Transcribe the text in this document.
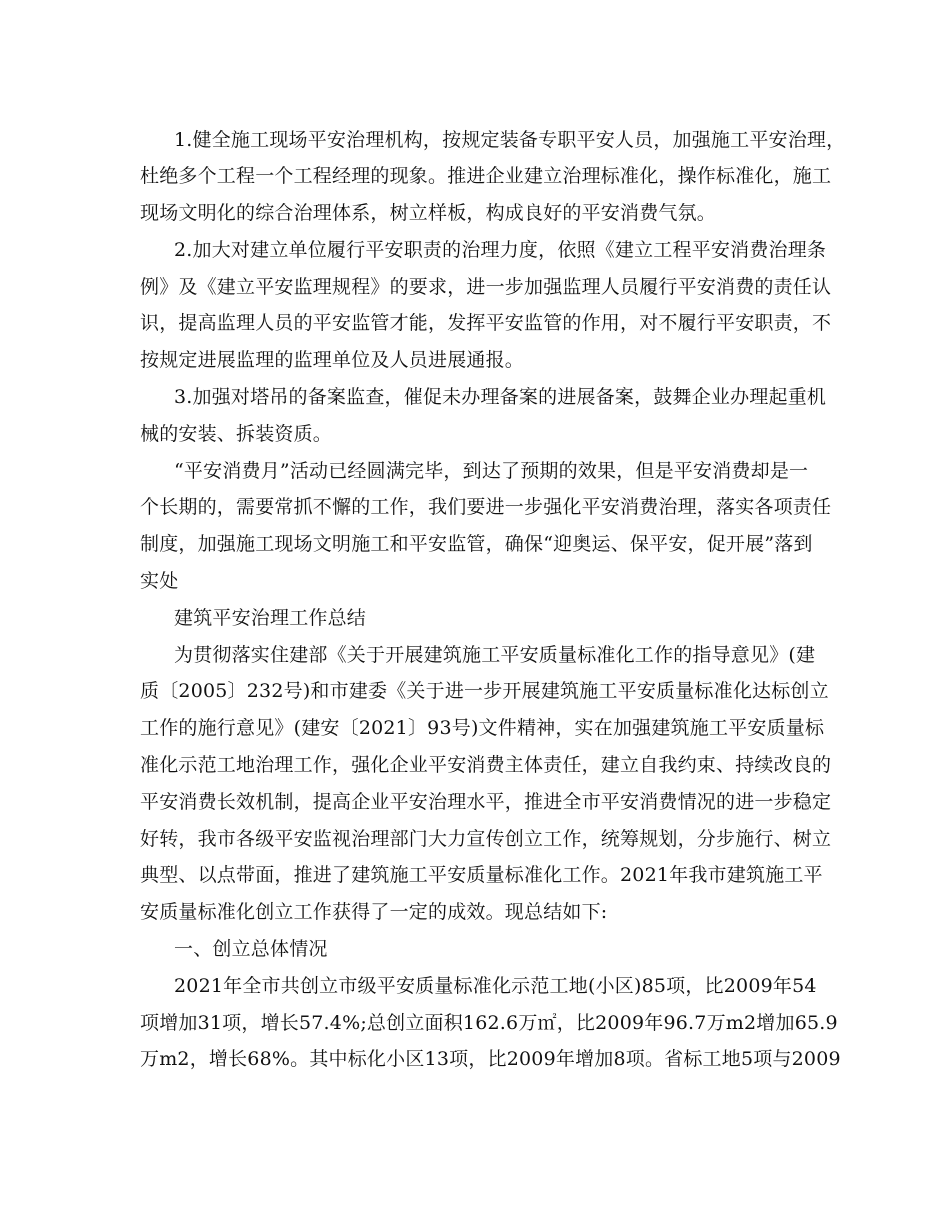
1.健全施工现场平安治理机构，按规定装备专职平安人员，加强施工平安治理，
杜绝多个工程一个工程经理的现象。推进企业建立治理标准化，操作标准化，施工
现场文明化的综合治理体系，树立样板，构成良好的平安消费气氛。
2.加大对建立单位履行平安职责的治理力度，依照《建立工程平安消费治理条
例》及《建立平安监理规程》的要求，进一步加强监理人员履行平安消费的责任认
识，提高监理人员的平安监管才能，发挥平安监管的作用，对不履行平安职责，不
按规定进展监理的监理单位及人员进展通报。
3.加强对塔吊的备案监查，催促未办理备案的进展备案，鼓舞企业办理起重机
械的安装、拆装资质。
“平安消费月”活动已经圆满完毕，到达了预期的效果，但是平安消费却是一
个长期的，需要常抓不懈的工作，我们要进一步强化平安消费治理，落实各项责任
制度，加强施工现场文明施工和平安监管，确保“迎奥运、保平安，促开展”落到
实处
建筑平安治理工作总结
为贯彻落实住建部《关于开展建筑施工平安质量标准化工作的指导意见》(建
质〔2005〕232号)和市建委《关于进一步开展建筑施工平安质量标准化达标创立
工作的施行意见》(建安〔2021〕93号)文件精神，实在加强建筑施工平安质量标
准化示范工地治理工作，强化企业平安消费主体责任，建立自我约束、持续改良的
平安消费长效机制，提高企业平安治理水平，推进全市平安消费情况的进一步稳定
好转，我市各级平安监视治理部门大力宣传创立工作，统筹规划，分步施行、树立
典型、以点带面，推进了建筑施工平安质量标准化工作。2021年我市建筑施工平
安质量标准化创立工作获得了一定的成效。现总结如下:
一、创立总体情况
2021年全市共创立市级平安质量标准化示范工地(小区)85项，比2009年54
项增加31项，增长57.4%;总创立面积162.6万㎡，比2009年96.7万m2增加65.9
万m2，增长68%。其中标化小区13项，比2009年增加8项。省标工地5项与2009
